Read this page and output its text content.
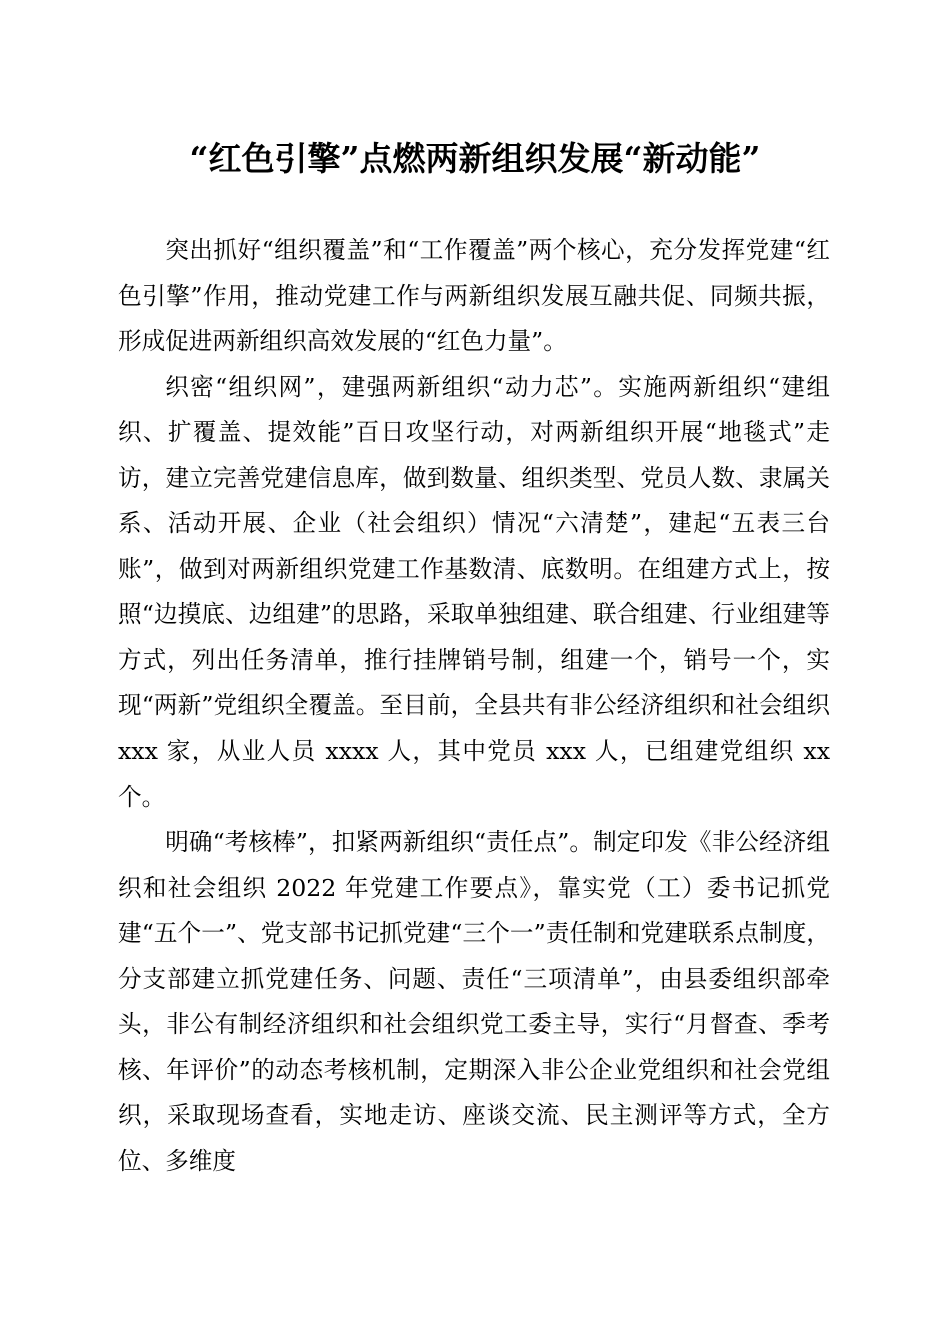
“红色引擎”点燃两新组织发展“新动能”

突出抓好“组织覆盖”和“工作覆盖”两个核心，充分发挥党建“红色引擎”作用，推动党建工作与两新组织发展互融共促、同频共振，形成促进两新组织高效发展的“红色力量”。

织密“组织网”，建强两新组织“动力芯”。实施两新组织“建组织、扩覆盖、提效能”百日攻坚行动，对两新组织开展“地毯式”走访，建立完善党建信息库，做到数量、组织类型、党员人数、隶属关系、活动开展、企业（社会组织）情况“六清楚”，建起“五表三台账”，做到对两新组织党建工作基数清、底数明。在组建方式上，按照“边摸底、边组建”的思路，采取单独组建、联合组建、行业组建等方式，列出任务清单，推行挂牌销号制，组建一个，销号一个，实现“两新”党组织全覆盖。至目前，全县共有非公经济组织和社会组织 xxx 家，从业人员 xxxx 人，其中党员 xxx 人，已组建党组织 xx 个。

明确“考核棒”，扣紧两新组织“责任点”。制定印发《非公经济组织和社会组织 2022 年党建工作要点》，靠实党（工）委书记抓党建“五个一”、党支部书记抓党建“三个一”责任制和党建联系点制度，分支部建立抓党建任务、问题、责任“三项清单”，由县委组织部牵头，非公有制经济组织和社会组织党工委主导，实行“月督查、季考核、年评价”的动态考核机制，定期深入非公企业党组织和社会党组织，采取现场查看，实地走访、座谈交流、民主测评等方式，全方位、多维度
